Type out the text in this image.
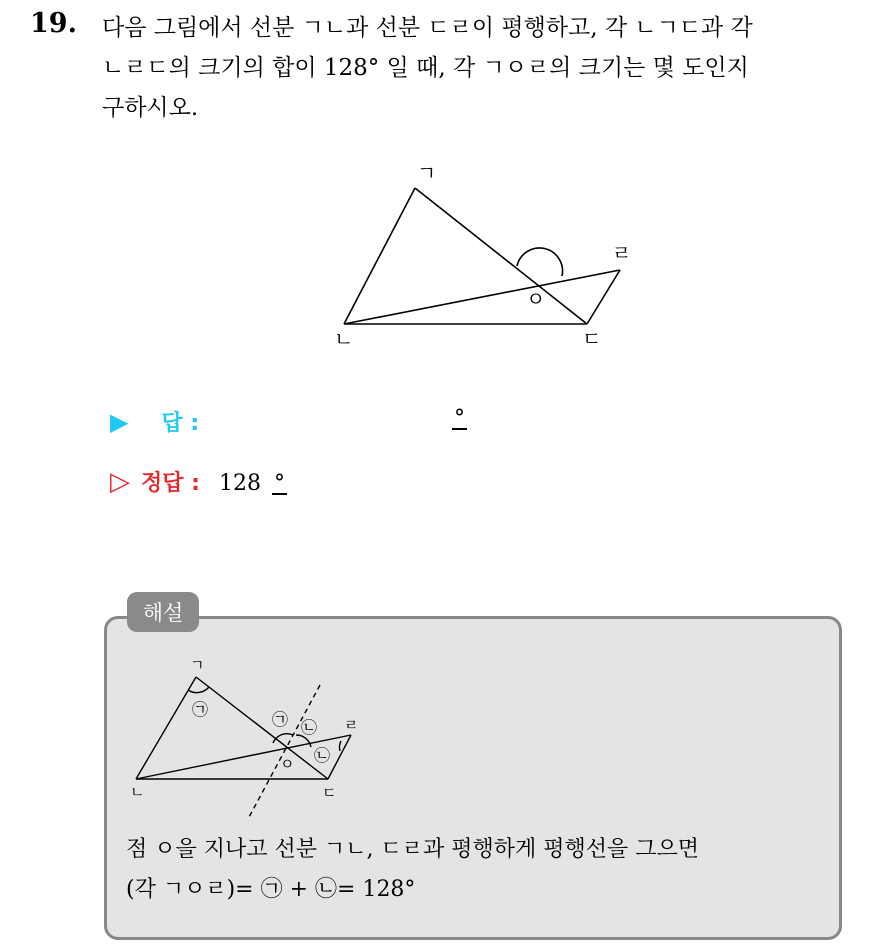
19. 다음 그림에서 선분 ㄱㄴ과 선분 ㄷㄹ이 평행하고, 각 ㄴㄱㄷ과 각
ㄴㄹㄷ의 크기의 합이 128° 일 때, 각 ㄱㅇㄹ의 크기는 몇 도인지
구하시오.
ㄱ
ㄴ	ㄷ
ㄹ
ㅇ
▶ 답 :	°
▷ 정답 : 128 °
해설
ㄱ
ㄴ	ㄷ
ㄹ
ㅇ
㉠
㉠ ㉡
㉡
점 ㅇ을 지나고 선분 ㄱㄴ, ㄷㄹ과 평행하게 평행선을 그으면
(각 ㄱㅇㄹ)= ㉠ + ㉡= 128°
